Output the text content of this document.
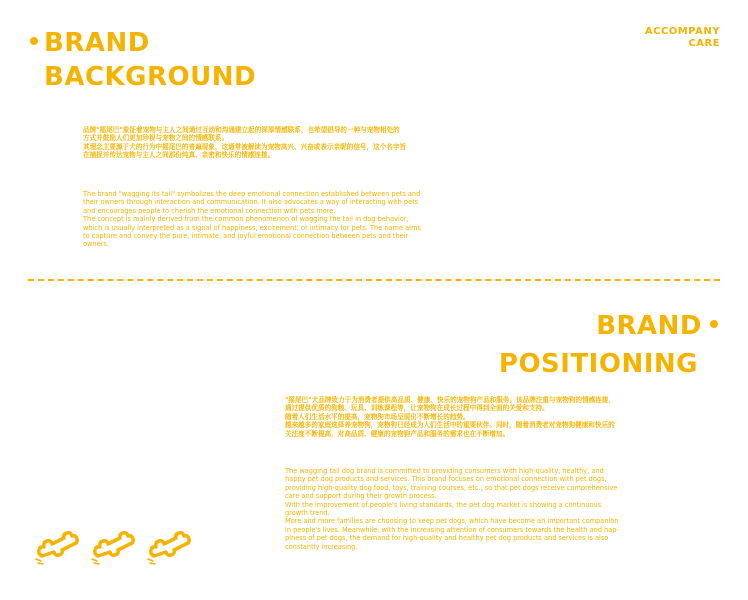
BRAND
BACKGROUND
ACCOMPANY
CARE
品牌"摇尾巴"象征着宠物与主人之间通过互动和沟通建立起的深厚情感联系，也希望倡导的一种与宠物相处的
方式并鼓励人们更加珍视与宠物之间的情感联系。
其理念主要源于犬的行为中摇尾巴的普遍现象，这通常被解读为宠物高兴、兴奋或表示亲昵的信号，这个名字旨
在捕捉并传达宠物与主人之间那份纯真、亲密和快乐的情感连接。
The brand "wagging its tail" symbolizes the deep emotional connection established between pets and
their owners through interaction and communication. It also advocates a way of interacting with pets
and encourages people to cherish the emotional connection with pets more.
The concept is mainly derived from the common phenomenon of wagging the tail in dog behavior,
which is usually interpreted as a signal of happiness, excitement, or intimacy for pets. The name aims
to capture and convey the pure, intimate, and joyful emotional connection between pets and their
owners.
BRAND
POSITIONING
"摇尾巴"犬品牌致力于为消费者提供高品质、健康、快乐的宠物狗产品和服务。该品牌注重与宠物狗的情感连接，
通过提供优质的狗粮、玩具、训练课程等，让宠物狗在成长过程中得到全面的关爱和支持。
随着人们生活水平的提高，宠物狗市场呈现出不断增长的趋势。
越来越多的家庭选择养宠物狗，宠物狗已经成为人们生活中的重要伙伴。同时，随着消费者对宠物狗健康和快乐的
关注度不断提高，对高品质、健康的宠物狗产品和服务的需求也在不断增加。
The wagging tail dog brand is committed to providing consumers with high-quality, healthy, and
happy pet dog products and services. This brand focuses on emotional connection with pet dogs,
providing high-quality dog food, toys, training courses, etc., so that pet dogs receive comprehensive
care and support during their growth process.
With the improvement of people's living standards, the pet dog market is showing a continuous
growth trend.
More and more families are choosing to keep pet dogs, which have become an important companion
in people's lives. Meanwhile, with the increasing attention of consumers towards the health and hap-
piness of pet dogs, the demand for high-quality and healthy pet dog products and services is also
constantly increasing.
